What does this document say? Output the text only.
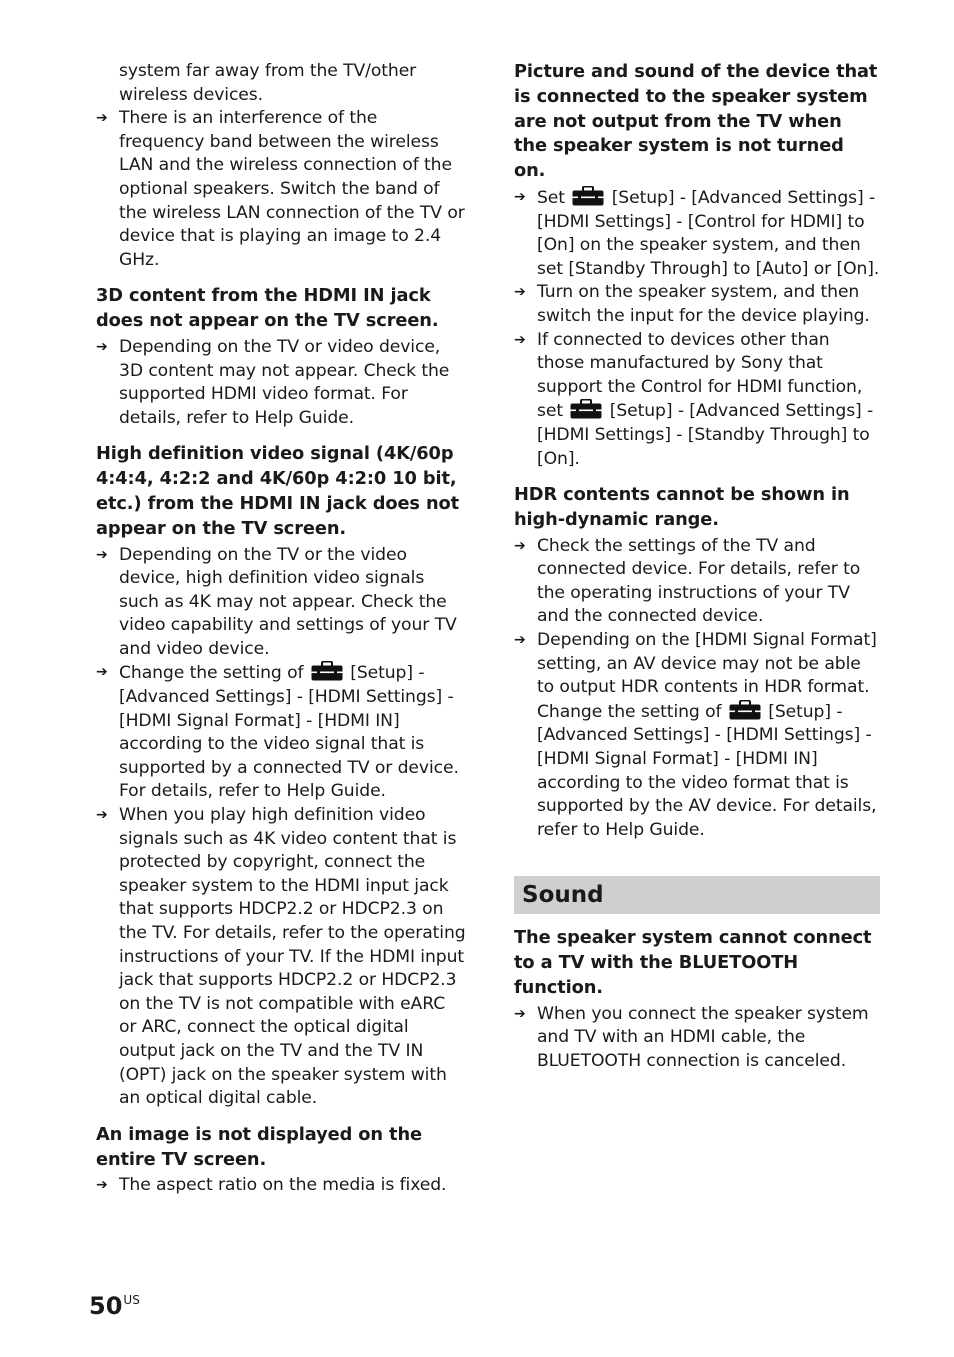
system far away from the TV/other wireless devices.
➔ There is an interference of the frequency band between the wireless LAN and the wireless connection of the optional speakers. Switch the band of the wireless LAN connection of the TV or device that is playing an image to 2.4 GHz.
3D content from the HDMI IN jack does not appear on the TV screen.
➔ Depending on the TV or video device, 3D content may not appear. Check the supported HDMI video format. For details, refer to Help Guide.
High definition video signal (4K/60p 4:4:4, 4:2:2 and 4K/60p 4:2:0 10 bit, etc.) from the HDMI IN jack does not appear on the TV screen.
➔ Depending on the TV or the video device, high definition video signals such as 4K may not appear. Check the video capability and settings of your TV and video device.
➔ Change the setting of	[Setup] - [Advanced Settings] - [HDMI Settings] - [HDMI Signal Format] - [HDMI IN] according to the video signal that is supported by a connected TV or device. For details, refer to Help Guide.
➔ When you play high definition video signals such as 4K video content that is protected by copyright, connect the speaker system to the HDMI input jack that supports HDCP2.2 or HDCP2.3 on the TV. For details, refer to the operating instructions of your TV. If the HDMI input jack that supports HDCP2.2 or HDCP2.3 on the TV is not compatible with eARC or ARC, connect the optical digital output jack on the TV and the TV IN (OPT) jack on the speaker system with an optical digital cable.
An image is not displayed on the entire TV screen.
➔ The aspect ratio on the media is fixed.
Picture and sound of the device that is connected to the speaker system are not output from the TV when the speaker system is not turned on.
➔ Set	[Setup] - [Advanced Settings] - [HDMI Settings] - [Control for HDMI] to [On] on the speaker system, and then set [Standby Through] to [Auto] or [On].
➔ Turn on the speaker system, and then switch the input for the device playing.
➔ If connected to devices other than those manufactured by Sony that support the Control for HDMI function, set	[Setup] - [Advanced Settings] - [HDMI Settings] - [Standby Through] to [On].
HDR contents cannot be shown in high-dynamic range.
➔ Check the settings of the TV and connected device. For details, refer to the operating instructions of your TV and the connected device.
➔ Depending on the [HDMI Signal Format] setting, an AV device may not be able to output HDR contents in HDR format. Change the setting of	[Setup] - [Advanced Settings] - [HDMI Settings] - [HDMI Signal Format] - [HDMI IN] according to the video format that is supported by the AV device. For details, refer to Help Guide.
Sound
The speaker system cannot connect to a TV with the BLUETOOTH function.
➔ When you connect the speaker system and TV with an HDMI cable, the BLUETOOTH connection is canceled.
$50^{US}$
